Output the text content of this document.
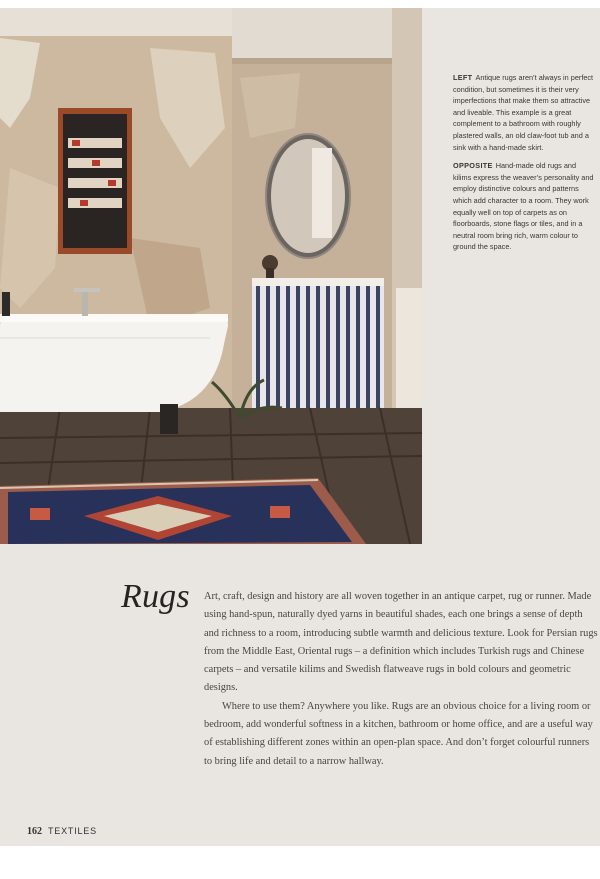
LEFT Antique rugs aren’t always in perfect condition, but sometimes it is their very imperfections that make them so attractive and liveable. This example is a great complement to a bathroom with roughly plastered walls, an old claw-foot tub and a sink with a hand-made skirt.

OPPOSITE Hand-made old rugs and kilims express the weaver’s personality and employ distinctive colours and patterns which add character to a room. They work equally well on top of carpets as on floorboards, stone flags or tiles, and in a neutral room bring rich, warm colour to ground the space.

Rugs Art, craft, design and history are all woven together in an antique carpet, rug or runner. Made using hand-spun, naturally dyed yarns in beautiful shades, each one brings a sense of depth and richness to a room, introducing subtle warmth and delicious texture. Look for Persian rugs from the Middle East, Oriental rugs – a definition which includes Turkish rugs and Chinese carpets – and versatile kilims and Swedish flatweave rugs in bold colours and geometric designs.

Where to use them? Anywhere you like. Rugs are an obvious choice for a living room or bedroom, add wonderful softness in a kitchen, bathroom or home office, and are a useful way of establishing different zones within an open-plan space. And don’t forget colourful runners to bring life and detail to a narrow hallway.

162 TEXTILES
